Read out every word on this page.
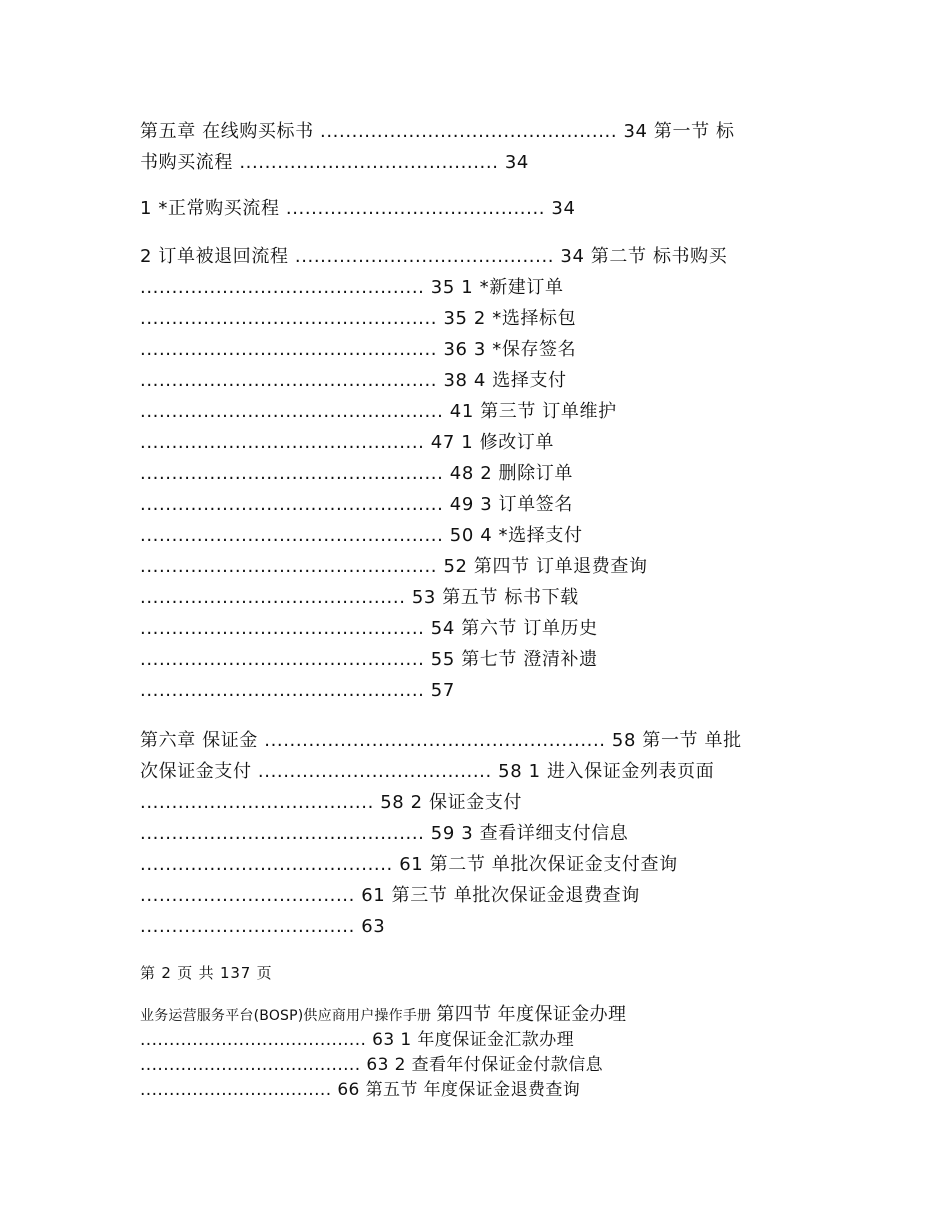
第五章 在线购买标书 ............................................... 34 第一节 标
书购买流程 ......................................... 34
1 *正常购买流程 ......................................... 34
2 订单被退回流程 ......................................... 34 第二节 标书购买
............................................. 35 1 *新建订单
............................................... 35 2 *选择标包
............................................... 36 3 *保存签名
............................................... 38 4 选择支付
................................................ 41 第三节 订单维护
............................................. 47 1 修改订单
................................................ 48 2 删除订单
................................................ 49 3 订单签名
................................................ 50 4 *选择支付
............................................... 52 第四节 订单退费查询
.......................................... 53 第五节 标书下载
............................................. 54 第六节 订单历史
............................................. 55 第七节 澄清补遗
............................................. 57
第六章 保证金 ...................................................... 58 第一节 单批
次保证金支付 ..................................... 58 1 进入保证金列表页面
..................................... 58 2 保证金支付
............................................. 59 3 查看详细支付信息
........................................ 61 第二节 单批次保证金支付查询
.................................. 61 第三节 单批次保证金退费查询
.................................. 63
第 2 页 共 137 页
业务运营服务平台(BOSP)供应商用户操作手册 第四节 年度保证金办理
....................................... 63 1 年度保证金汇款办理
...................................... 63 2 查看年付保证金付款信息
................................. 66 第五节 年度保证金退费查询
